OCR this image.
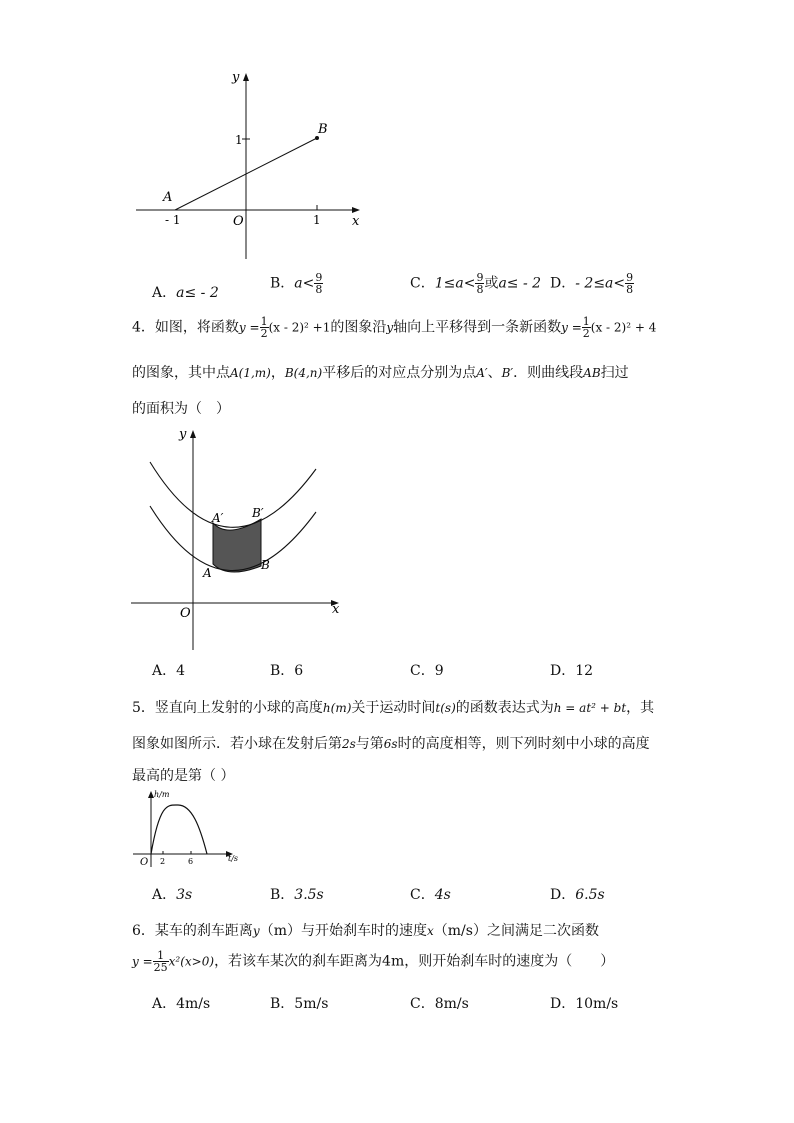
y
x
O
1
- 1	1
A
B
A．a≤ - 2
B．$a< \frac{9}{8}$	C．$1\le a< \frac{9}{8}$ 或a≤ - 2 D．- $2\le a< \frac{9}{8}$
4．如图，将函数$y = \frac{1}{2} (x - 2)^2 +1$的图象沿y轴向上平移得到一条新函数$y = \frac{1}{2} (x - 2)^2 + 4$
的图象，其中点A(1,m)，B(4,n)平移后的对应点分别为点A′、B′．则曲线段AB扫过
的面积为（　）
y
x
O
A
B
A′ B′
A．4	B．6	C．9	D．12
5．竖直向上发射的小球的高度h(m)关于运动时间t(s)的函数表达式为h = at² + bt，其
图象如图所示．若小球在发射后第2s与第6s时的高度相等，则下列时刻中小球的高度
最高的是第（ ）
h/m
t/s
O 2	6
A．3s	B．3.5s	C．4s	D．6.5s
6．某车的刹车距离y（m）与开始刹车时的速度x（m/s）之间满足二次函数
$y = \frac{1}{25} x^2(x>0)$，若该车某次的刹车距离为4m，则开始刹车时的速度为（　　）
A．4m/s	B．5m/s	C．8m/s	D．10m/s
